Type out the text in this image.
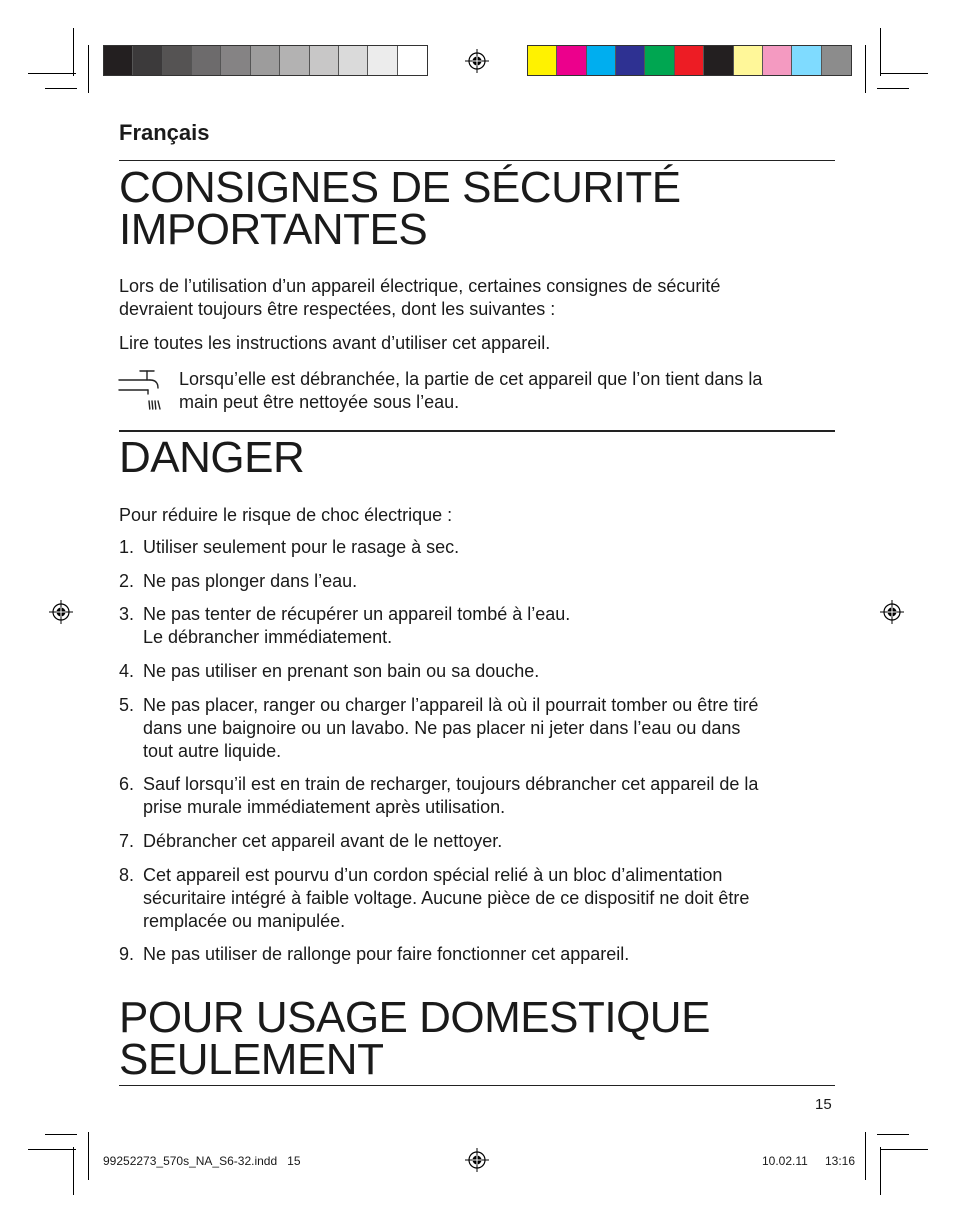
Français
CONSIGNES DE SÉCURITÉ
IMPORTANTES
Lors de l’utilisation d’un appareil électrique, certaines consignes de sécurité
devraient toujours être respectées, dont les suivantes :
Lire toutes les instructions avant d’utiliser cet appareil.
Lorsqu’elle est débranchée, la partie de cet appareil que l’on tient dans la
main peut être nettoyée sous l’eau.
DANGER
Pour réduire le risque de choc électrique :
1. Utiliser seulement pour le rasage à sec.
2. Ne pas plonger dans l’eau.
3. Ne pas tenter de récupérer un appareil tombé à l’eau.
Le débrancher immédiatement.
4. Ne pas utiliser en prenant son bain ou sa douche.
5. Ne pas placer, ranger ou charger l’appareil là où il pourrait tomber ou être tiré
dans une baignoire ou un lavabo. Ne pas placer ni jeter dans l’eau ou dans
tout autre liquide.
6. Sauf lorsqu’il est en train de recharger, toujours débrancher cet appareil de la
prise murale immédiatement après utilisation.
7. Débrancher cet appareil avant de le nettoyer.
8. Cet appareil est pourvu d’un cordon spécial relié à un bloc d’alimentation
sécuritaire intégré à faible voltage. Aucune pièce de ce dispositif ne doit être
remplacée ou manipulée.
9. Ne pas utiliser de rallonge pour faire fonctionner cet appareil.
POUR USAGE DOMESTIQUE
SEULEMENT
15
99252273_570s_NA_S6-32.indd   15	10.02.11 13:16
